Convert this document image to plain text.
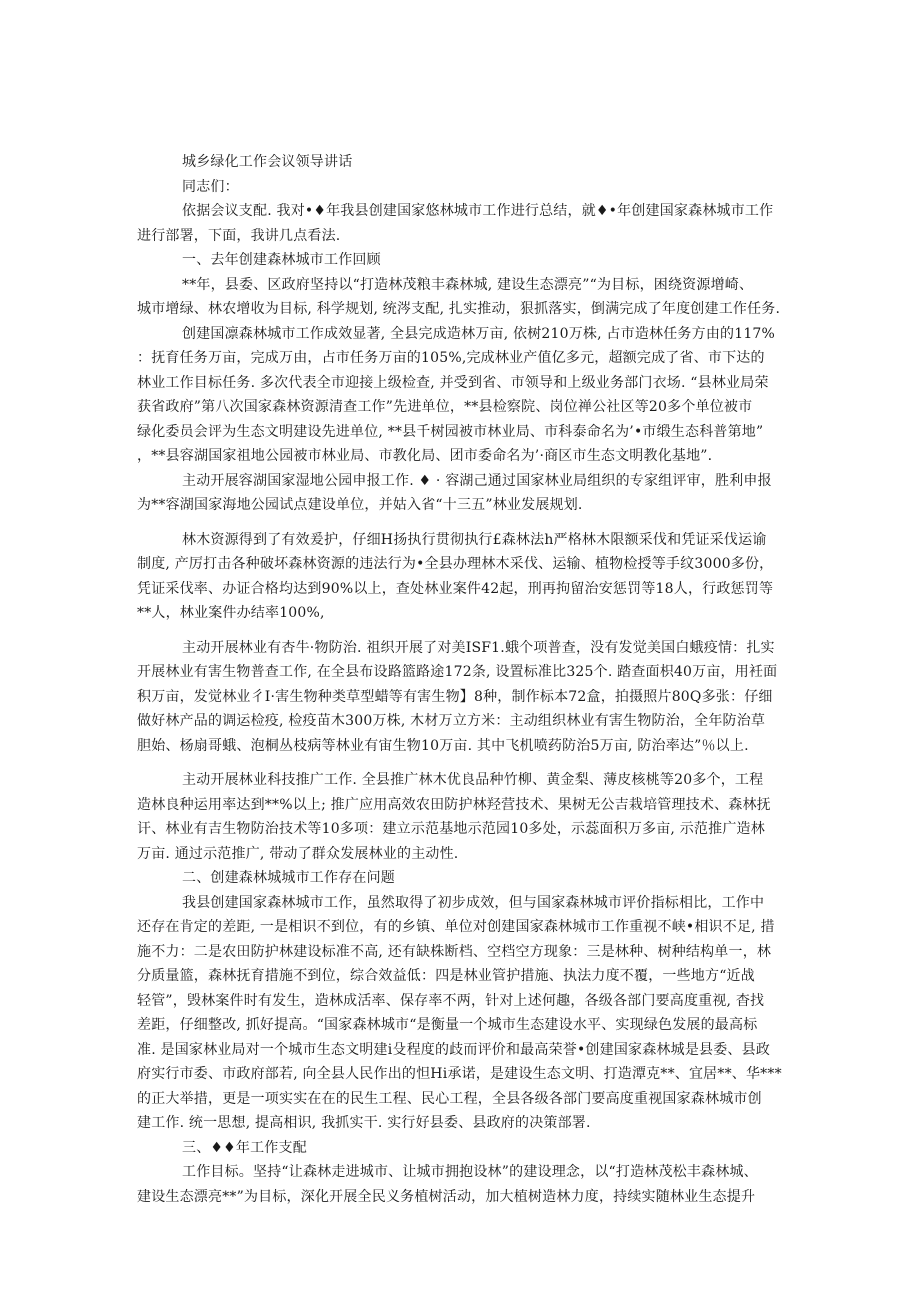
城乡绿化工作会议领导讲话
同志们：
依据会议支配. 我对•♦年我县创建国家悠林城市工作进行总结，就♦•年创建国家森林城市工作
进行部署，下面，我讲几点看法.
一、去年创建森林城市工作回顾
**年，县委、区政府坚持以“打造林茂粮丰森林城, 建设生态漂亮”“为目标，困绕资源增崎、
城市增绿、林农增收为目标, 科学规划, 统涔支配, 扎实推动，狠抓落实，倒满完成了年度创建工作任务.
创建国凛森林城市工作成效显著, 全县完成造林万亩, 依树210万株, 占市造林任务方由的117%
：抚育任务万亩，完成万由，占市任务万亩的105%,完成林业产值亿多元，超额完成了省、市下达的
林业工作目标任务. 多次代表全市迎接上级检查, 并受到省、市领导和上级业务部门衣场. “县林业局荣
获省政府”第八次国家森林资源清查工作”先进单位，**县检察院、岗位禅公社区等20多个单位被市
绿化委员会评为生态文明建设先进单位, **县千树园被市林业局、市科泰命名为’•市缎生态科普第地”
，**县容湖国家祖地公园被市林业局、市教化局、团市委命名为’·商区市生态文明教化基地”.
主动开展容湖国家湿地公园申报工作. ♦ · 容湖己通过国家林业局组织的专家组评审，胜利申报
为**容湖国家海地公园试点建设单位，并姑入省“十三五”林业发展规划.
林木资源得到了有效爰护，仔细H扬执行贯彻执行£森林法h严格林木限额采伐和凭证采伐运谕
制度, 产厉打击各种破坏森林资源的违法行为•全县办理林木采伐、运输、植物检授等手纹3000多份，
凭证采伐率、办证合格均达到90%以上，查处林业案件42起，刑再拘留治安惩罚等18人，行政惩罚等
**人，林业案件办结率100%,
主动开展林业有杏牛·物防治. 祖织开展了对美ISF1.蛾个项普查，没有发觉美国白蛾疫情：扎实
开展林业有害生物普查工作, 在全县布设路篮路途172条, 设置标准比325个. 踏查面枳40万亩，用衽面
积万亩，发觉林业彳I·害生物种类草型蜡等有害生物】8种，制作标本72盒，拍摄照片80Q多张：仔细
做好林产品的调运检疫, 检疫苗木300万株, 木材万立方米：主动组织林业有害生物防治，全年防治草
胆始、杨扇哥蛾、泡桐丛枝病等林业有宙生物10万亩. 其中飞机喷药防治5万亩, 防治率达”％以上.
主动开展林业科技推广工作. 全县推广林木优良品种竹柳、黄金梨、薄皮核桃等20多个，工程
造林良种运用率达到**%以上; 推广应用高效农田防护林羟营技术、果树无公吉栽培管理技术、森林抚
讦、林业有吉生物防治技术等10多项：建立示范基地示范园10多处，示蕊面积万多亩, 示范推广造林
万亩. 通过示范推广, 带动了群众发展林业的主动性.
二、创建森林城城市工作存在问题
我县创建国家森林城市工作，虽然取得了初步成效，但与国家森林城市评价指标相比，工作中
还存在肯定的差距, 一是相识不到位，有的乡镇、单位对创建国家森林城市工作重视不峡•相识不足, 措
施不力：二是农田防护林建设标准不高, 还有缺株断档、空档空方现象：三是林种、树种结构单一，林
分质量篮，森林抚育措施不到位，综合效益低：四是林业管护措施、执法力度不覆，一些地方“近战
轻管”，毁林案件时有发生，造林成活率、保存率不两，针对上述何趣，各级各部门要高度重视, 杳找
差距，仔细整改, 抓好提高。“国家森林城市“是衡量一个城市生态建设水平、实现绿色发展的最高标
准. 是国家林业局对一个城市生态文明建i殳程度的歧而评价和最高荣誉•创建国家森林城是县委、县政
府实行市委、市政府部若, 向全县人民作出的怛Hi承诺，是建设生态文明、打造潭克**、宜居**、华***
的正大举措，更是一项实实在在的民生工程、民心工程，全县各级各部门要高度重视国家森林城市创
建工作. 统一思想, 提高相识, 我抓实干. 实行好县委、县政府的决策部署.
三、♦♦年工作支配
工作目标。坚持“让森林走进城市、让城市拥抱设林”的建设理念，以“打造林茂松丰森林城、
建设生态漂亮**”为目标，深化开展全民义务植树活动，加大植树造林力度，持续实随林业生态提升
